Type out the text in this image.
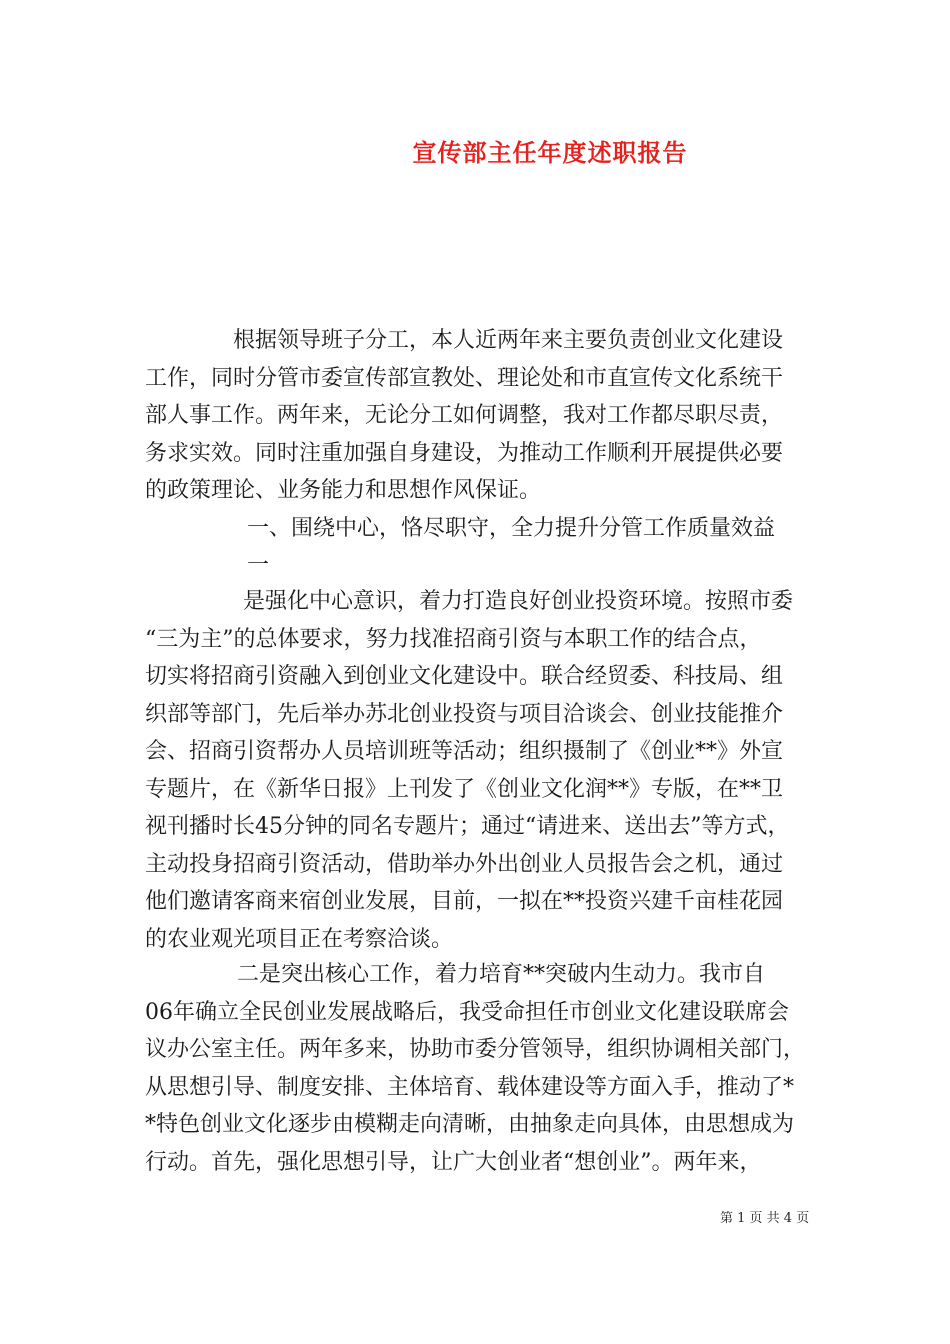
宣传部主任年度述职报告
根据领导班子分工，本人近两年来主要负责创业文化建设
工作，同时分管市委宣传部宣教处、理论处和市直宣传文化系统干
部人事工作。两年来，无论分工如何调整，我对工作都尽职尽责，
务求实效。同时注重加强自身建设，为推动工作顺利开展提供必要
的政策理论、业务能力和思想作风保证。
一、围绕中心，恪尽职守，全力提升分管工作质量效益
一
是强化中心意识，着力打造良好创业投资环境。按照市委
“三为主”的总体要求，努力找准招商引资与本职工作的结合点，
切实将招商引资融入到创业文化建设中。联合经贸委、科技局、组
织部等部门，先后举办苏北创业投资与项目洽谈会、创业技能推介
会、招商引资帮办人员培训班等活动；组织摄制了《创业**》外宣
专题片，在《新华日报》上刊发了《创业文化润**》专版，在**卫
视刊播时长45分钟的同名专题片；通过“请进来、送出去”等方式，
主动投身招商引资活动，借助举办外出创业人员报告会之机，通过
他们邀请客商来宿创业发展，目前，一拟在**投资兴建千亩桂花园
的农业观光项目正在考察洽谈。
二是突出核心工作，着力培育**突破内生动力。我市自
06年确立全民创业发展战略后，我受命担任市创业文化建设联席会
议办公室主任。两年多来，协助市委分管领导，组织协调相关部门，
从思想引导、制度安排、主体培育、载体建设等方面入手，推动了*
*特色创业文化逐步由模糊走向清晰，由抽象走向具体，由思想成为
行动。首先，强化思想引导，让广大创业者“想创业”。两年来，
第 1 页 共 4 页
